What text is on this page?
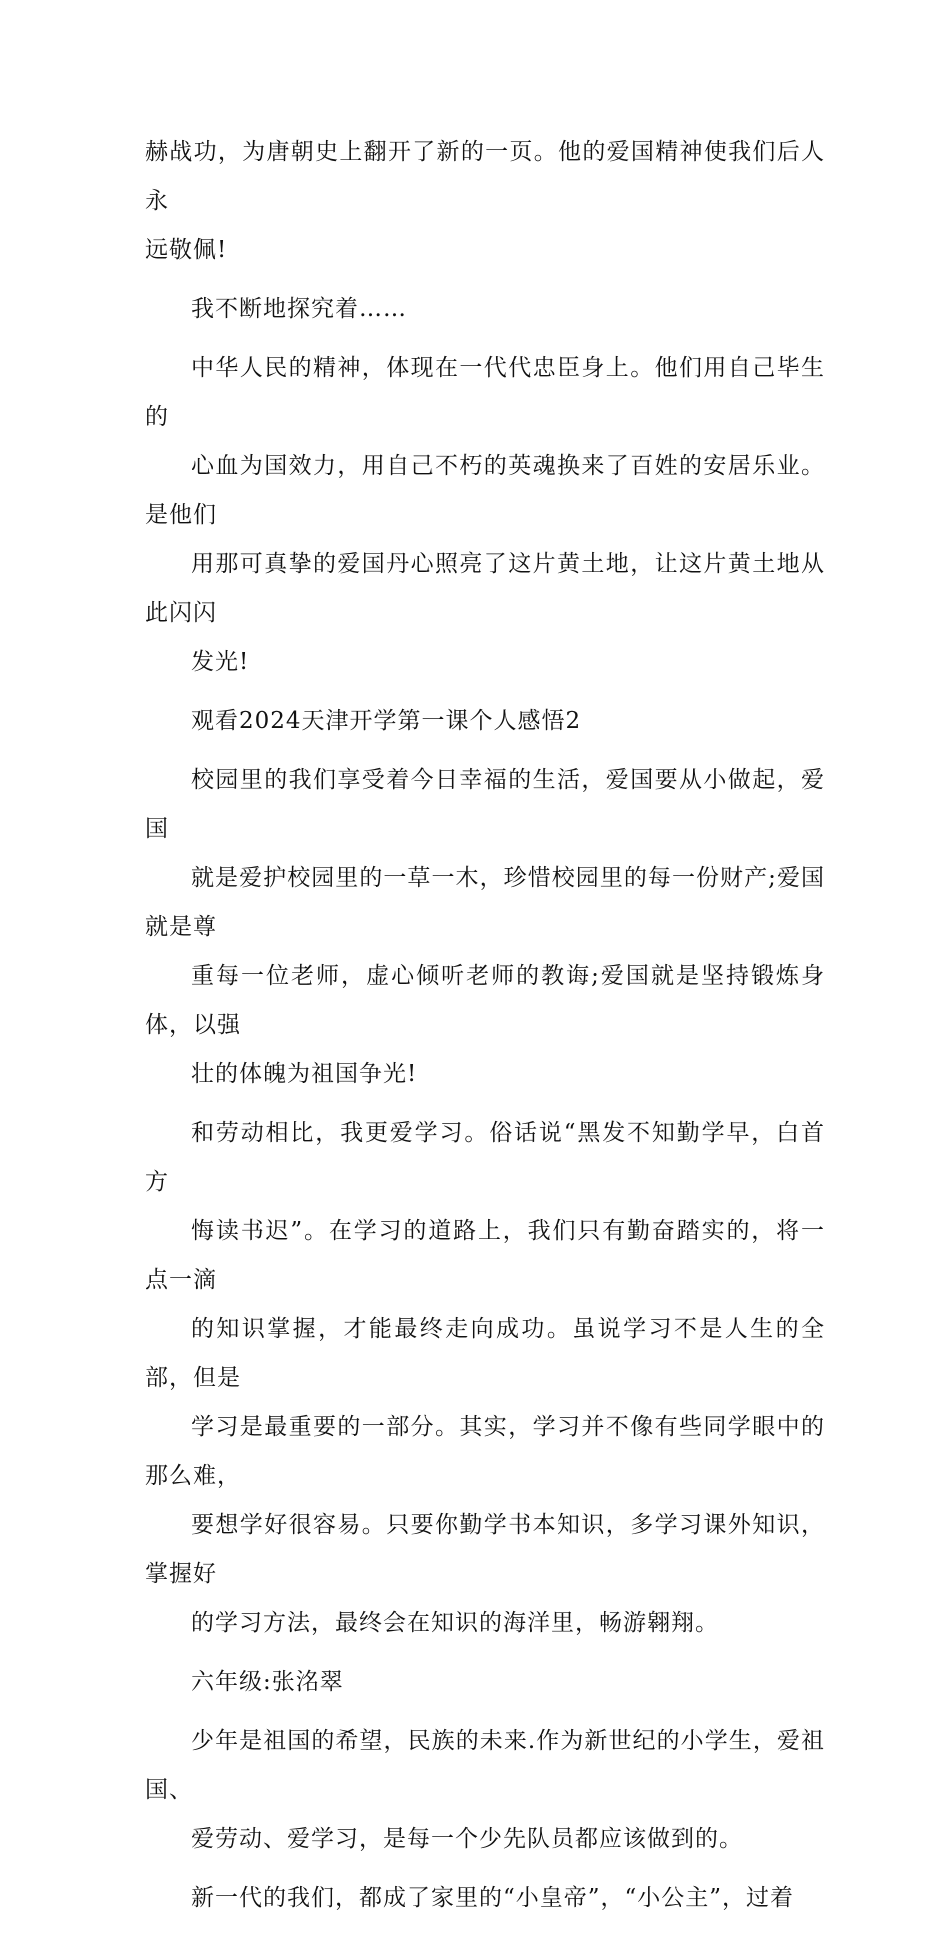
赫战功，为唐朝史上翻开了新的一页。他的爱国精神使我们后人永
远敬佩!

我不断地探究着……

中华人民的精神，体现在一代代忠臣身上。他们用自己毕生的
心血为国效力，用自己不朽的英魂换来了百姓的安居乐业。是他们
用那可真挚的爱国丹心照亮了这片黄土地，让这片黄土地从此闪闪
发光!

观看2024天津开学第一课个人感悟2

校园里的我们享受着今日幸福的生活，爱国要从小做起，爱国
就是爱护校园里的一草一木，珍惜校园里的每一份财产;爱国就是尊
重每一位老师，虚心倾听老师的教诲;爱国就是坚持锻炼身体，以强
壮的体魄为祖国争光!

和劳动相比，我更爱学习。俗话说“黑发不知勤学早，白首方
悔读书迟”。在学习的道路上，我们只有勤奋踏实的，将一点一滴
的知识掌握，才能最终走向成功。虽说学习不是人生的全部，但是
学习是最重要的一部分。其实，学习并不像有些同学眼中的那么难，
要想学好很容易。只要你勤学书本知识，多学习课外知识，掌握好
的学习方法，最终会在知识的海洋里，畅游翱翔。

六年级:张洺翠

少年是祖国的希望，民族的未来.作为新世纪的小学生，爱祖国、
爱劳动、爱学习，是每一个少先队员都应该做到的。

新一代的我们，都成了家里的“小皇帝”，“小公主”，过着
